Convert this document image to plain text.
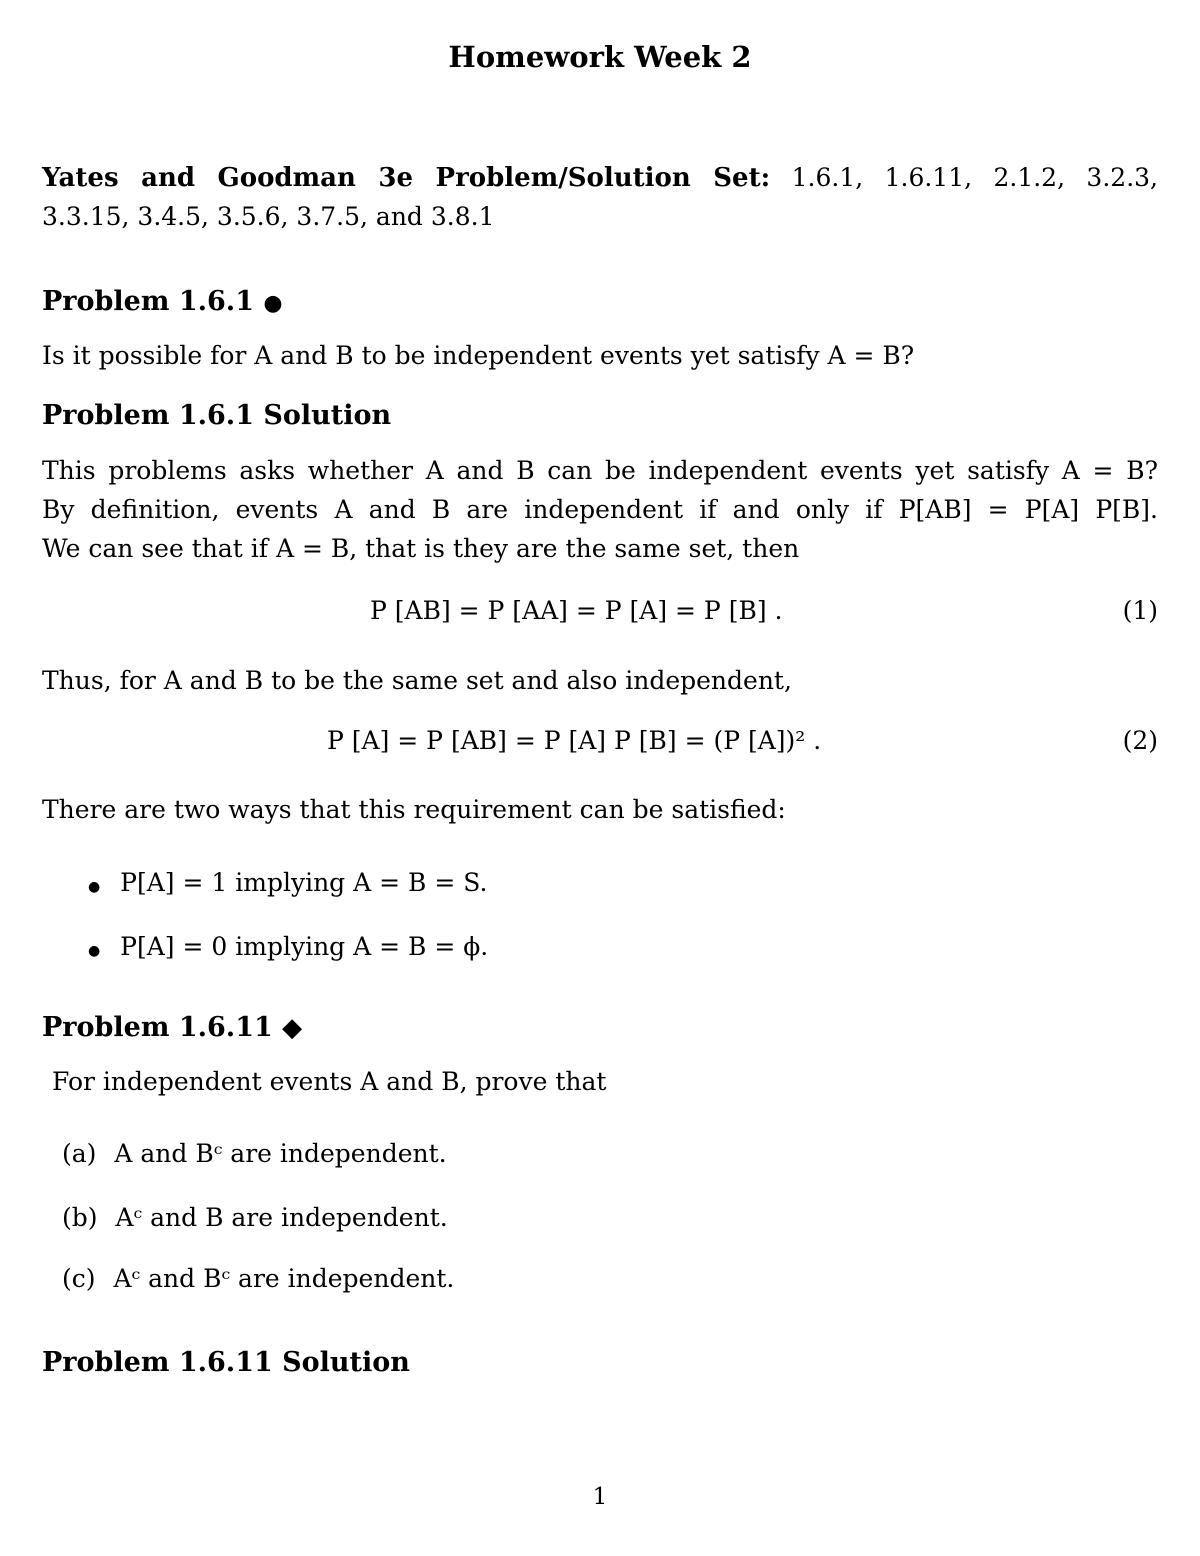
Homework Week 2
Yates and Goodman 3e Problem/Solution Set: 1.6.1, 1.6.11, 2.1.2, 3.2.3,
3.3.15, 3.4.5, 3.5.6, 3.7.5, and 3.8.1
Problem 1.6.1 ●
Is it possible for A and B to be independent events yet satisfy A = B?
Problem 1.6.1 Solution
This problems asks whether A and B can be independent events yet satisfy A = B?
By definition, events A and B are independent if and only if P[AB] = P[A] P[B].
We can see that if A = B, that is they are the same set, then
P [AB] = P [AA] = P [A] = P [B] .	(1)
Thus, for A and B to be the same set and also independent,
P [A] = P [AB] = P [A] P [B] = (P [A])² .	(2)
There are two ways that this requirement can be satisfied:
● P[A] = 1 implying A = B = S.
● P[A] = 0 implying A = B = ϕ.
Problem 1.6.11 ◆
For independent events A and B, prove that
(a) A and Bᶜ are independent.
(b) Aᶜ and B are independent.
(c) Aᶜ and Bᶜ are independent.
Problem 1.6.11 Solution
1
